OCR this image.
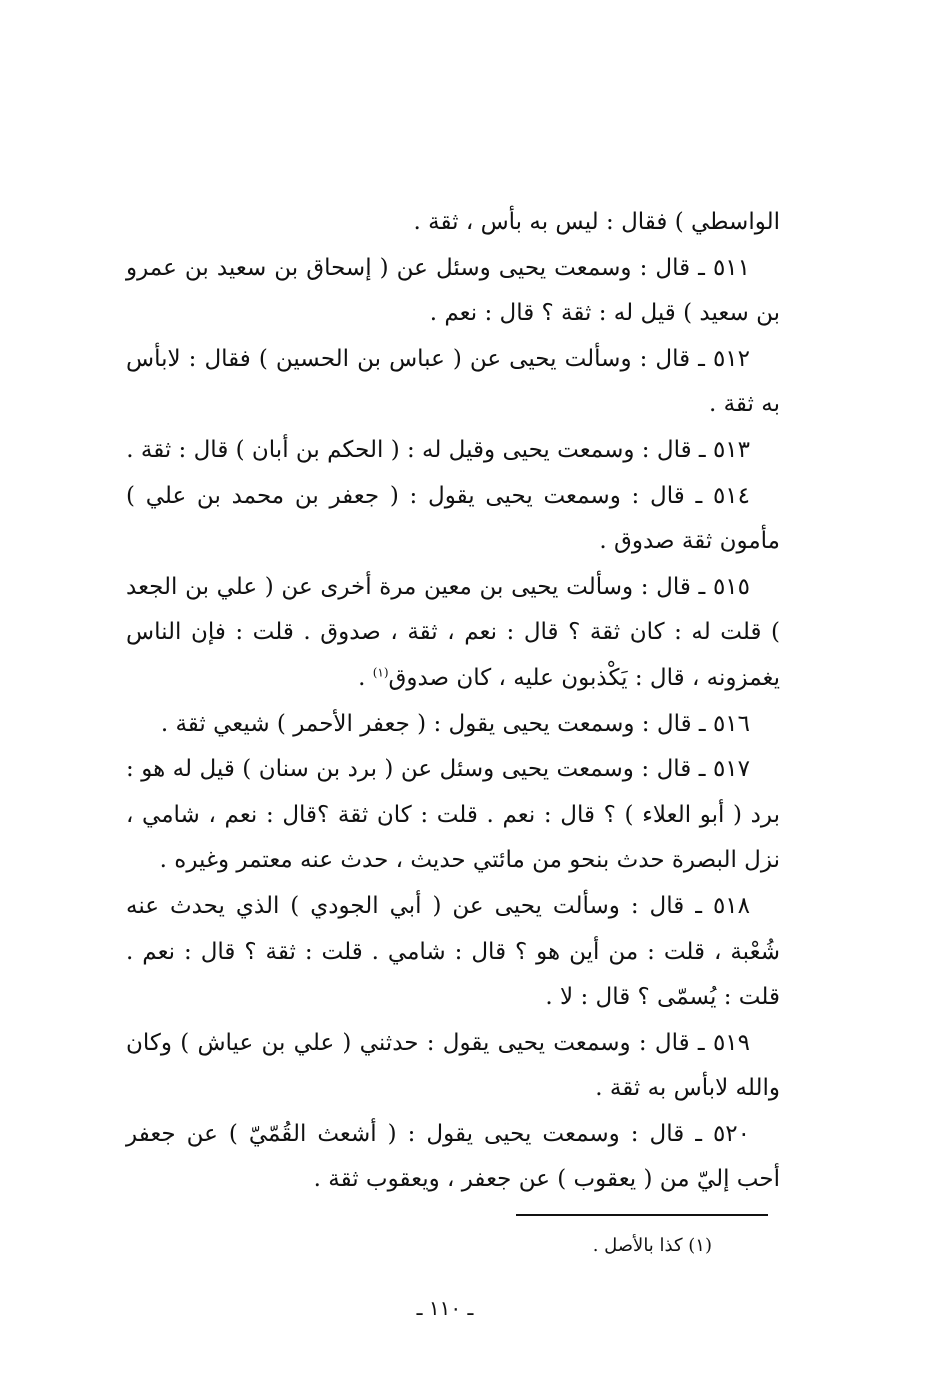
الواسطي ) فقال : ليس به بأس ، ثقة .

٥١١ ـ قال : وسمعت يحيى وسئل عن ( إسحاق بن سعيد بن عمرو بن سعيد ) قيل له : ثقة ؟ قال : نعم .

٥١٢ ـ قال : وسألت يحيى عن ( عباس بن الحسين ) فقال : لابأس به ثقة .

٥١٣ ـ قال : وسمعت يحيى وقيل له : ( الحكم بن أبان ) قال : ثقة .

٥١٤ ـ قال : وسمعت يحيى يقول : ( جعفر بن محمد بن علي ) مأمون ثقة صدوق .

٥١٥ ـ قال : وسألت يحيى بن معين مرة أخرى عن ( علي بن الجعد ) قلت له : كان ثقة ؟ قال : نعم ، ثقة ، صدوق . قلت : فإن الناس يغمزونه ، قال : يَكْذبون عليه ، كان صدوق$^{(١)}$ .

٥١٦ ـ قال : وسمعت يحيى يقول : ( جعفر الأحمر ) شيعي ثقة .

٥١٧ ـ قال : وسمعت يحيى وسئل عن ( برد بن سنان ) قيل له هو : برد ( أبو العلاء ) ؟ قال : نعم . قلت : كان ثقة ؟قال : نعم ، شامي ، نزل البصرة حدث بنحو من مائتي حديث ، حدث عنه معتمر وغيره .

٥١٨ ـ قال : وسألت يحيى عن ( أبي الجودي ) الذي يحدث عنه شُعْبة ، قلت : من أين هو ؟ قال : شامي . قلت : ثقة ؟ قال : نعم . قلت : يُسمّى ؟ قال : لا .

٥١٩ ـ قال : وسمعت يحيى يقول : حدثني ( علي بن عياش ) وكان والله لابأس به ثقة .

٥٢٠ ـ قال : وسمعت يحيى يقول : ( أشعث القُمّيّ ) عن جعفر أحب إليّ من ( يعقوب ) عن جعفر ، ويعقوب ثقة .

(١) كذا بالأصل .
ـ ١١٠ ـ
